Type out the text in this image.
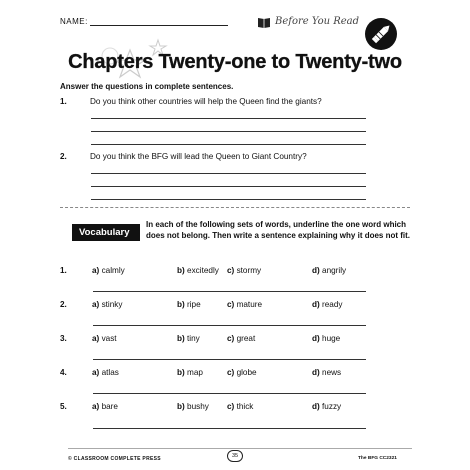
NAME:	Before You Read
Chapters Twenty-one to Twenty-two
Answer the questions in complete sentences.
1.	Do you think other countries will help the Queen find the giants?
2.	Do you think the BFG will lead the Queen to Giant Country?
Vocabulary
In each of the following sets of words, underline the one word which does not belong. Then write a sentence explaining why it does not fit.
1.	a) calmly	b) excitedly c) stormy	d) angrily
2.	a) stinky	b) ripe	c) mature	d) ready
3.	a) vast	b) tiny	c) great	d) huge
4.	a) atlas	b) map	c) globe	d) news
5.	a) bare	b) bushy c) thick	d) fuzzy
© CLASSROOM COMPLETE PRESS	35	The BFG CC2321
